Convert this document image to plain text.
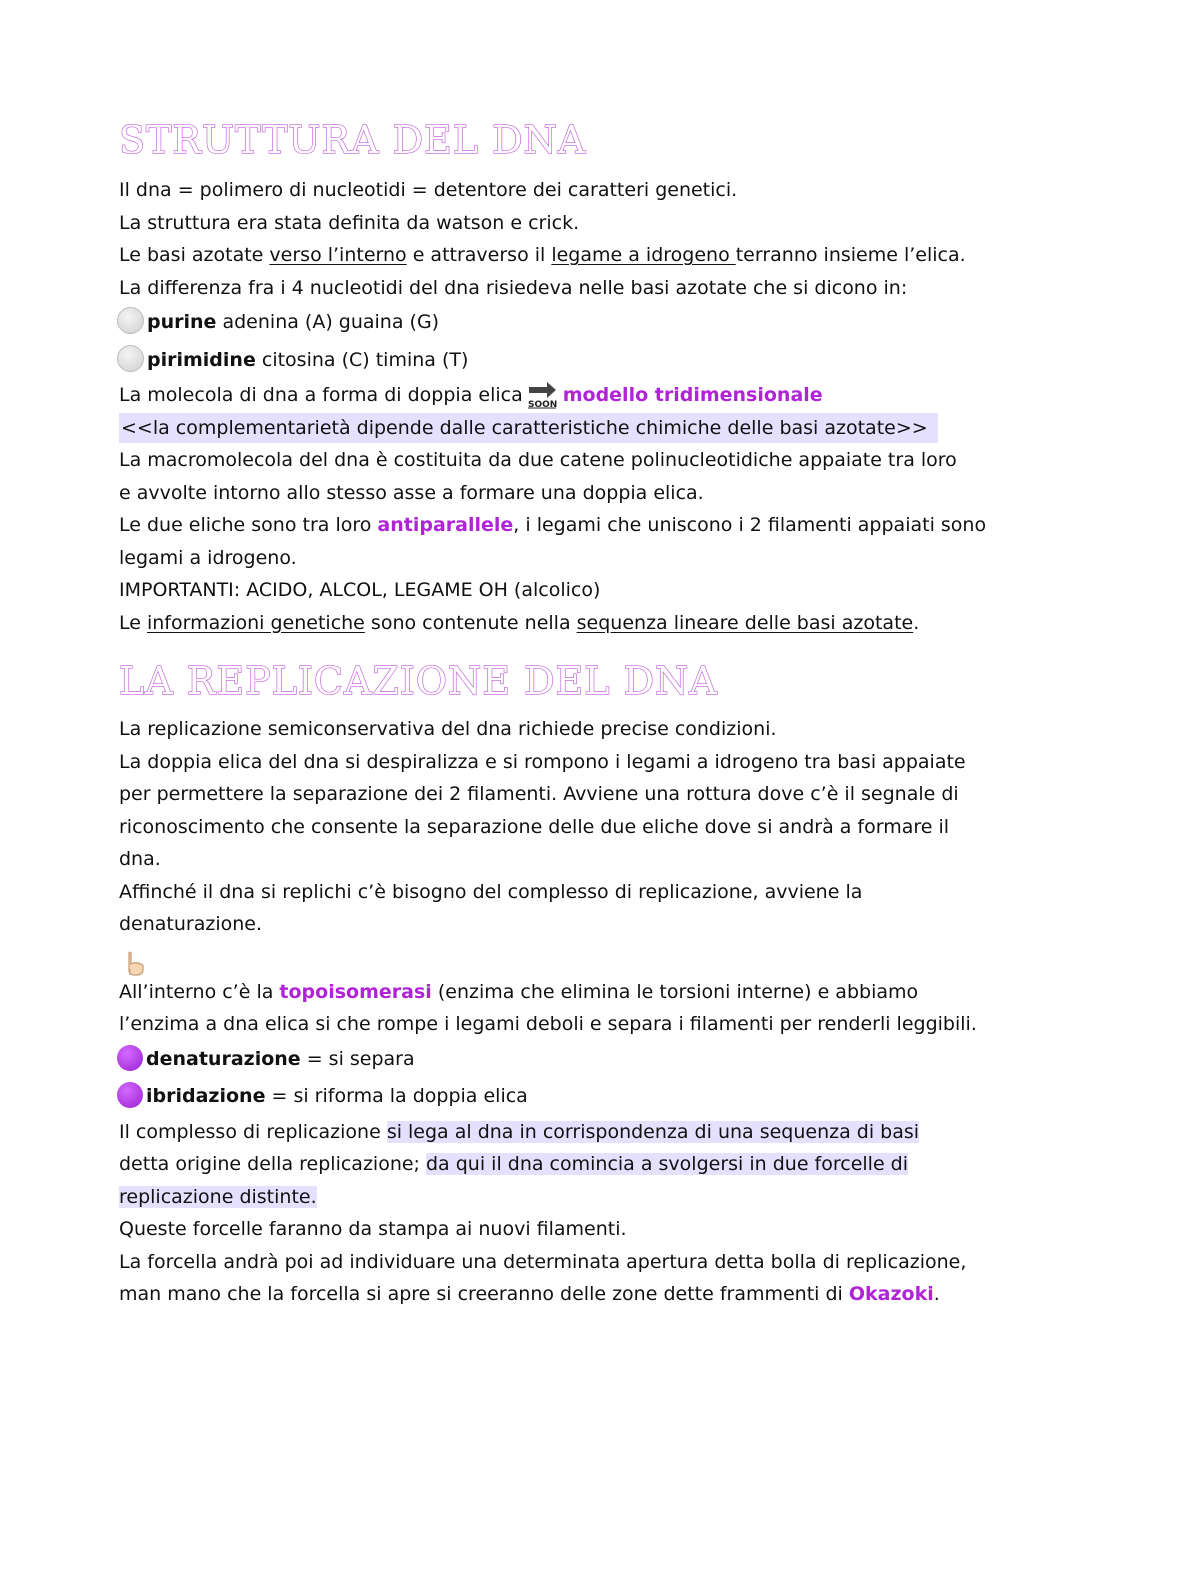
STRUTTURA DEL DNA
Il dna = polimero di nucleotidi = detentore dei caratteri genetici.
La struttura era stata definita da watson e crick.
Le basi azotate verso l’interno e attraverso il legame a idrogeno terranno insieme l’elica.
La differenza fra i 4 nucleotidi del dna risiedeva nelle basi azotate che si dicono in:
purine adenina (A) guaina (G)
pirimidine citosina (C) timina (T)
La molecola di dna a forma di doppia elica SOON modello tridimensionale
<<la complementarietà dipende dalle caratteristiche chimiche delle basi azotate>>
La macromolecola del dna è costituita da due catene polinucleotidiche appaiate tra loro
e avvolte intorno allo stesso asse a formare una doppia elica.
Le due eliche sono tra loro antiparallele, i legami che uniscono i 2 filamenti appaiati sono
legami a idrogeno.
IMPORTANTI: ACIDO, ALCOL, LEGAME OH (alcolico)
Le informazioni genetiche sono contenute nella sequenza lineare delle basi azotate.
LA REPLICAZIONE DEL DNA
La replicazione semiconservativa del dna richiede precise condizioni.
La doppia elica del dna si despiralizza e si rompono i legami a idrogeno tra basi appaiate
per permettere la separazione dei 2 filamenti. Avviene una rottura dove c’è il segnale di
riconoscimento che consente la separazione delle due eliche dove si andrà a formare il
dna.
Affinché il dna si replichi c’è bisogno del complesso di replicazione, avviene la
denaturazione.
All’interno c’è la topoisomerasi (enzima che elimina le torsioni interne) e abbiamo
l’enzima a dna elica si che rompe i legami deboli e separa i filamenti per renderli leggibili.
denaturazione = si separa
ibridazione = si riforma la doppia elica
Il complesso di replicazione si lega al dna in corrispondenza di una sequenza di basi
detta origine della replicazione; da qui il dna comincia a svolgersi in due forcelle di
replicazione distinte.
Queste forcelle faranno da stampa ai nuovi filamenti.
La forcella andrà poi ad individuare una determinata apertura detta bolla di replicazione,
man mano che la forcella si apre si creeranno delle zone dette frammenti di Okazoki.
